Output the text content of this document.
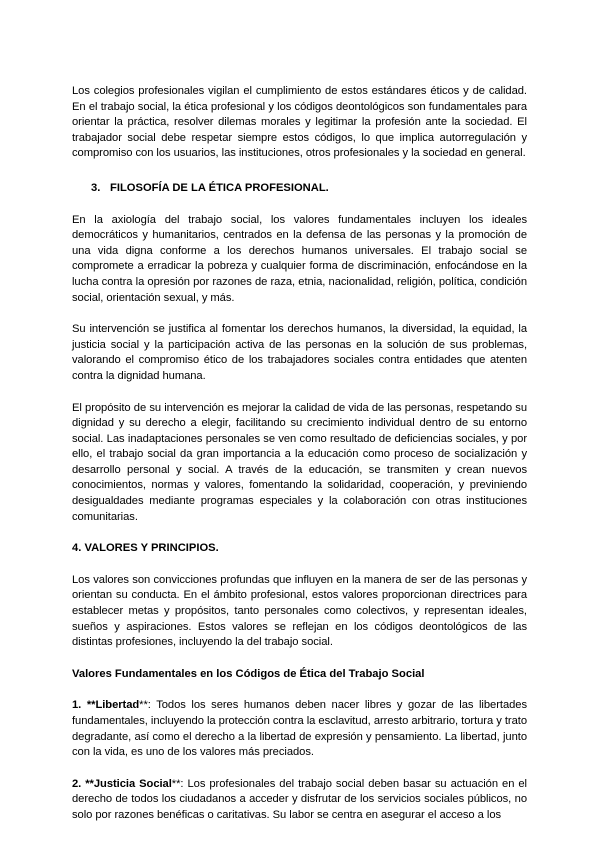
Los colegios profesionales vigilan el cumplimiento de estos estándares éticos y de calidad. En el trabajo social, la ética profesional y los códigos deontológicos son fundamentales para orientar la práctica, resolver dilemas morales y legitimar la profesión ante la sociedad. El trabajador social debe respetar siempre estos códigos, lo que implica autorregulación y compromiso con los usuarios, las instituciones, otros profesionales y la sociedad en general.

3. FILOSOFÍA DE LA ÉTICA PROFESIONAL.

En la axiología del trabajo social, los valores fundamentales incluyen los ideales democráticos y humanitarios, centrados en la defensa de las personas y la promoción de una vida digna conforme a los derechos humanos universales. El trabajo social se compromete a erradicar la pobreza y cualquier forma de discriminación, enfocándose en la lucha contra la opresión por razones de raza, etnia, nacionalidad, religión, política, condición social, orientación sexual, y más.

Su intervención se justifica al fomentar los derechos humanos, la diversidad, la equidad, la justicia social y la participación activa de las personas en la solución de sus problemas, valorando el compromiso ético de los trabajadores sociales contra entidades que atenten contra la dignidad humana.

El propósito de su intervención es mejorar la calidad de vida de las personas, respetando su dignidad y su derecho a elegir, facilitando su crecimiento individual dentro de su entorno social. Las inadaptaciones personales se ven como resultado de deficiencias sociales, y por ello, el trabajo social da gran importancia a la educación como proceso de socialización y desarrollo personal y social. A través de la educación, se transmiten y crean nuevos conocimientos, normas y valores, fomentando la solidaridad, cooperación, y previniendo desigualdades mediante programas especiales y la colaboración con otras instituciones comunitarias.

4. VALORES Y PRINCIPIOS.

Los valores son convicciones profundas que influyen en la manera de ser de las personas y orientan su conducta. En el ámbito profesional, estos valores proporcionan directrices para establecer metas y propósitos, tanto personales como colectivos, y representan ideales, sueños y aspiraciones. Estos valores se reflejan en los códigos deontológicos de las distintas profesiones, incluyendo la del trabajo social.

Valores Fundamentales en los Códigos de Ética del Trabajo Social

1. **Libertad**: Todos los seres humanos deben nacer libres y gozar de las libertades fundamentales, incluyendo la protección contra la esclavitud, arresto arbitrario, tortura y trato degradante, así como el derecho a la libertad de expresión y pensamiento. La libertad, junto con la vida, es uno de los valores más preciados.

2. **Justicia Social**: Los profesionales del trabajo social deben basar su actuación en el derecho de todos los ciudadanos a acceder y disfrutar de los servicios sociales públicos, no solo por razones benéficas o caritativas. Su labor se centra en asegurar el acceso a los
